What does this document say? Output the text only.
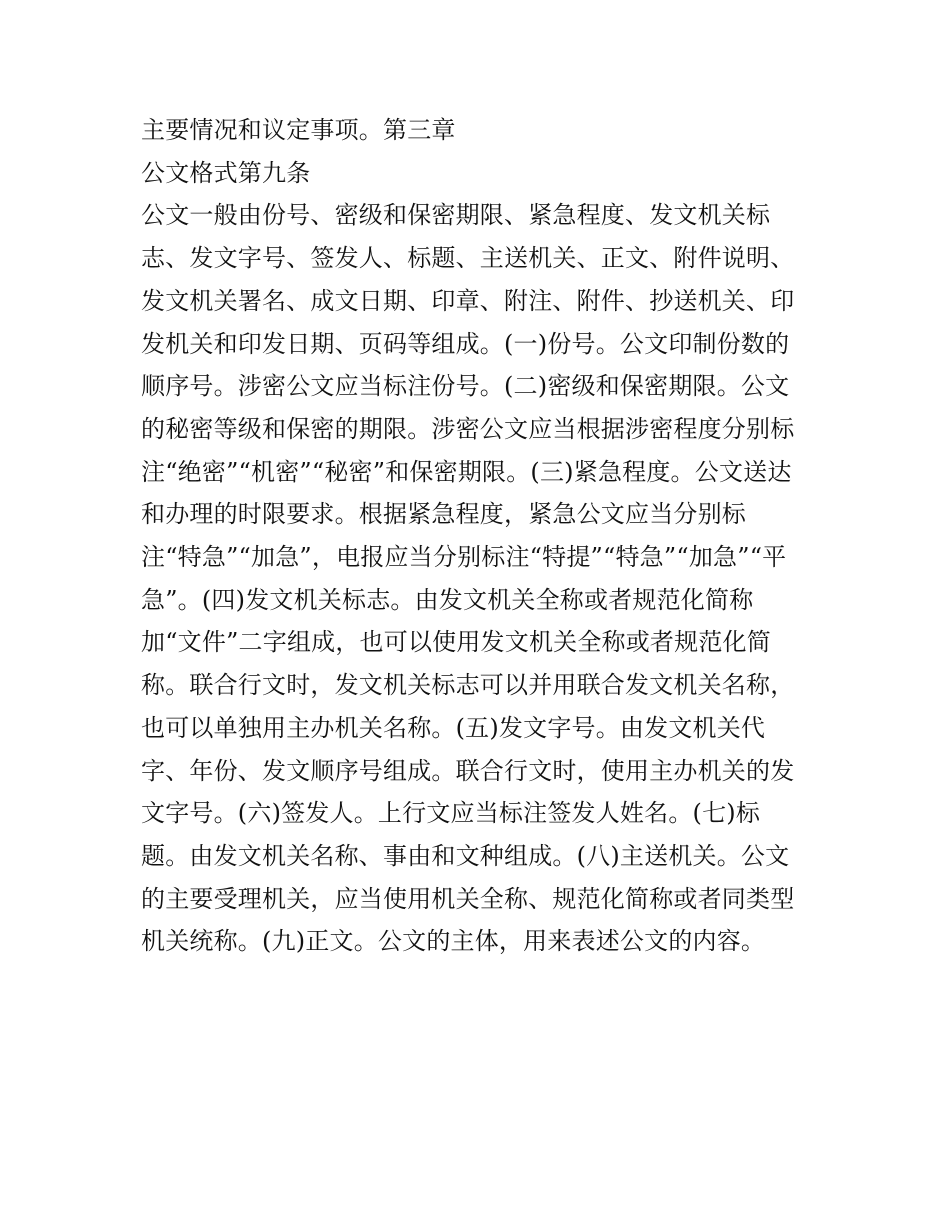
主要情况和议定事项。第三章
公文格式第九条
公文一般由份号、密级和保密期限、紧急程度、发文机关标
志、发文字号、签发人、标题、主送机关、正文、附件说明、
发文机关署名、成文日期、印章、附注、附件、抄送机关、印
发机关和印发日期、页码等组成。(一)份号。公文印制份数的
顺序号。涉密公文应当标注份号。(二)密级和保密期限。公文
的秘密等级和保密的期限。涉密公文应当根据涉密程度分别标
注“绝密”“机密”“秘密”和保密期限。(三)紧急程度。公文送达
和办理的时限要求。根据紧急程度，紧急公文应当分别标
注“特急”“加急”，电报应当分别标注“特提”“特急”“加急”“平
急”。(四)发文机关标志。由发文机关全称或者规范化简称
加“文件”二字组成，也可以使用发文机关全称或者规范化简
称。联合行文时，发文机关标志可以并用联合发文机关名称，
也可以单独用主办机关名称。(五)发文字号。由发文机关代
字、年份、发文顺序号组成。联合行文时，使用主办机关的发
文字号。(六)签发人。上行文应当标注签发人姓名。(七)标
题。由发文机关名称、事由和文种组成。(八)主送机关。公文
的主要受理机关，应当使用机关全称、规范化简称或者同类型
机关统称。(九)正文。公文的主体，用来表述公文的内容。
